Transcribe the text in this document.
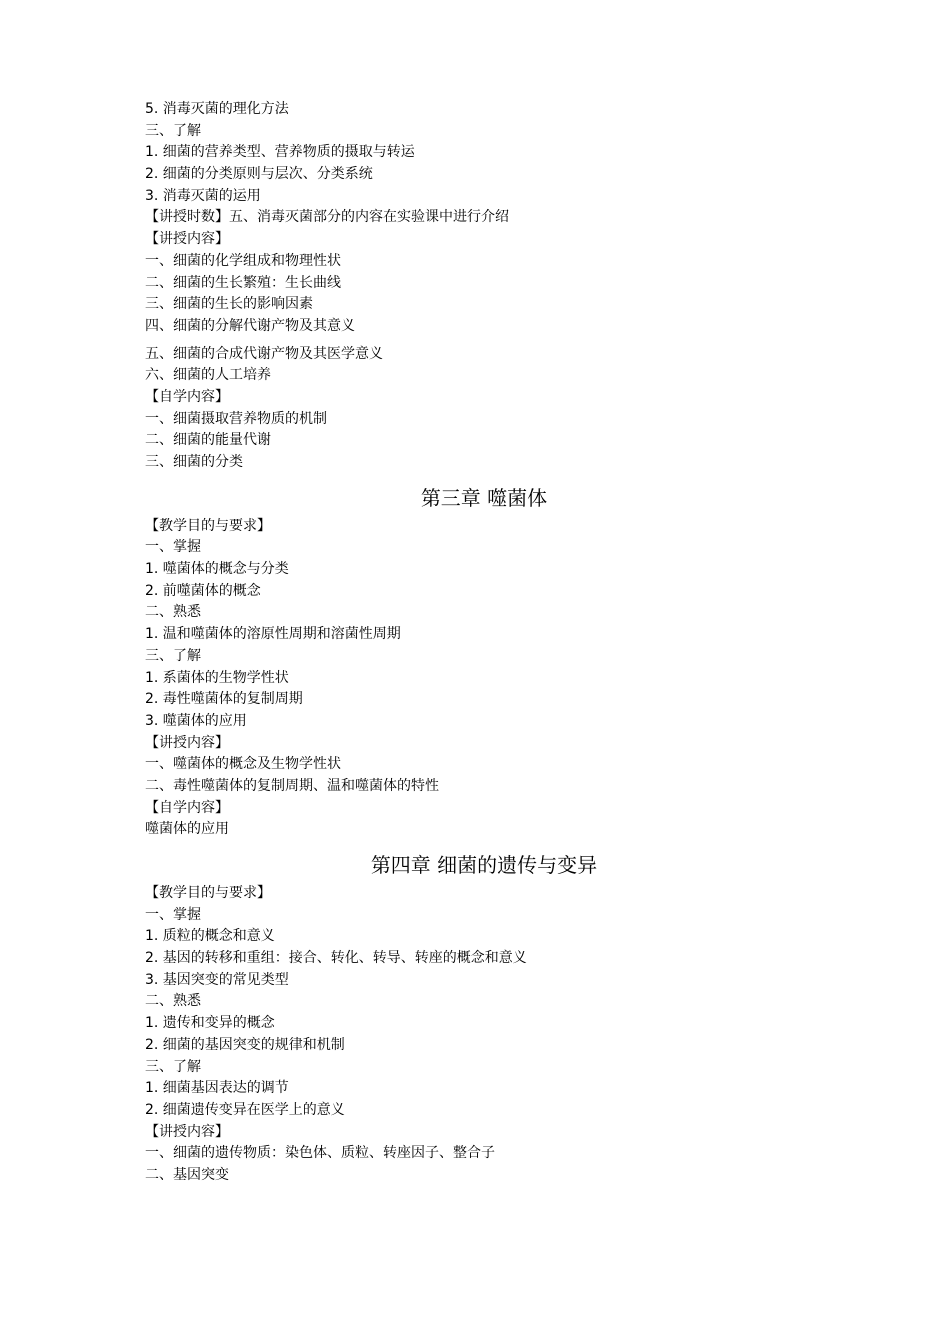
5. 消毒灭菌的理化方法
三、了解
1. 细菌的营养类型、营养物质的摄取与转运
2. 细菌的分类原则与层次、分类系统
3. 消毒灭菌的运用
【讲授时数】五、消毒灭菌部分的内容在实验课中进行介绍
【讲授内容】
一、细菌的化学组成和物理性状
二、细菌的生长繁殖：生长曲线
三、细菌的生长的影响因素
四、细菌的分解代谢产物及其意义
五、细菌的合成代谢产物及其医学意义
六、细菌的人工培养
【自学内容】
一、细菌摄取营养物质的机制
二、细菌的能量代谢
三、细菌的分类
第三章 噬菌体
【教学目的与要求】
一、掌握
1. 噬菌体的概念与分类
2. 前噬菌体的概念
二、熟悉
1. 温和噬菌体的溶原性周期和溶菌性周期
三、了解
1. 系菌体的生物学性状
2. 毒性噬菌体的复制周期
3. 噬菌体的应用
【讲授内容】
一、噬菌体的概念及生物学性状
二、毒性噬菌体的复制周期、温和噬菌体的特性
【自学内容】
噬菌体的应用
第四章 细菌的遗传与变异
【教学目的与要求】
一、掌握
1. 质粒的概念和意义
2. 基因的转移和重组：接合、转化、转导、转座的概念和意义
3. 基因突变的常见类型
二、熟悉
1. 遗传和变异的概念
2. 细菌的基因突变的规律和机制
三、了解
1. 细菌基因表达的调节
2. 细菌遗传变异在医学上的意义
【讲授内容】
一、细菌的遗传物质：染色体、质粒、转座因子、整合子
二、基因突变
